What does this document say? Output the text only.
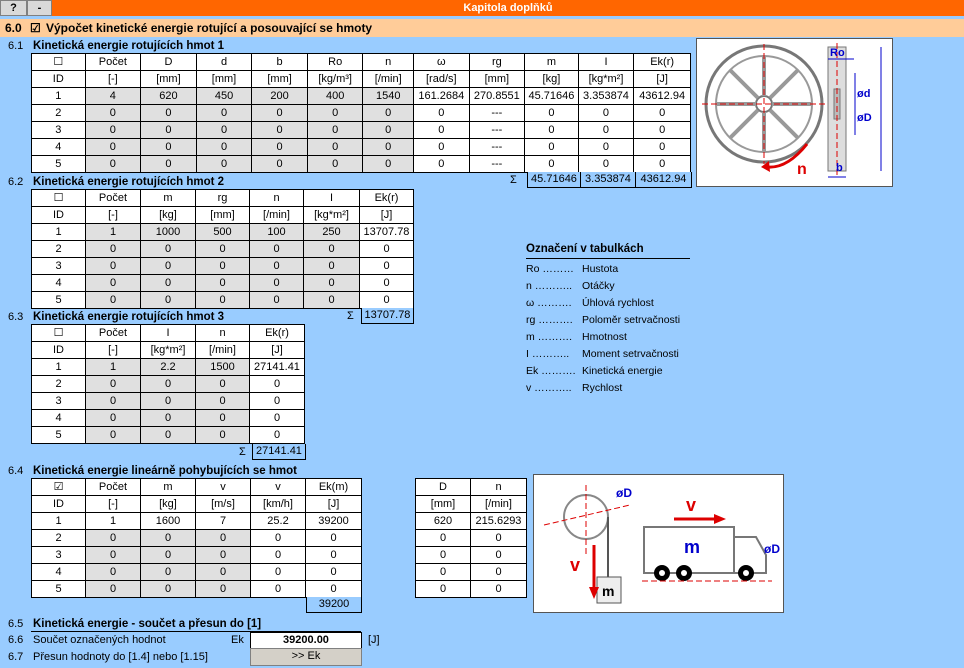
?	-	Kapitola doplňků
6.0 ☑ Výpočet kinetické energie rotující a posouvající se hmoty
6.1 Kinetická energie rotujících hmot 1
☐	Počet	D	d	b	Ro	n	ω	rg	m	I	Ek(r)
ID	[-]	[mm]	[mm]	[mm]	[kg/m³]	[/min]	[rad/s]	[mm]	[kg]	[kg*m²]	[J]
1	4	620	450	200	400	1540	161.2684	270.8551	45.71646	3.353874	43612.94
2	0	0	0	0	0	0	0	---	0	0	0
3	0	0	0	0	0	0	0	---	0	0	0
4	0	0	0	0	0	0	0	---	0	0	0
5	0	0	0	0	0	0	0	---	0	0	0
Σ	45.71646 3.353874 43612.94
n
Ro
ød
øD
b
6.2 Kinetická energie rotujících hmot 2
☐	Počet	m	rg	n	I	Ek(r)
ID	[-]	[kg]	[mm]	[/min]	[kg*m²]	[J]
1	1	1000	500	100	250	13707.78
2	0	0	0	0	0	0
3	0	0	0	0	0	0
4	0	0	0	0	0	0
5	0	0	0	0	0	0
Σ 13707.78
Označení v tabulkách
Ro ……… Hustota
n ……….. Otáčky
ω ………. Úhlová rychlost
rg ………. Poloměr setrvačnosti
m ………. Hmotnost
I ……….. Moment setrvačnosti
Ek ………. Kinetická energie
v ……….. Rychlost
6.3 Kinetická energie rotujících hmot 3
☐	Počet	I	n	Ek(r)
ID	[-]	[kg*m²]	[/min]	[J]
1	1	2.2	1500	27141.41
2	0	0	0	0
3	0	0	0	0
4	0	0	0	0
5	0	0	0	0
Σ 27141.41
6.4 Kinetická energie lineárně pohybujících se hmot
☑	Počet	m	v	v	Ek(m)
ID	[-]	[kg]	[m/s]	[km/h]	[J]
1	1	1600	7	25.2	39200
2	0	0	0	0	0
3	0	0	0	0	0
4	0	0	0	0	0
5	0	0	0	0	0
39200
D	n
[mm]	[/min]
620	215.6293
0	0
0	0
0	0
0	0
øD
m
v
v
m	øD
6.5 Kinetická energie - součet a přesun do [1]
6.6 Součet označených hodnot	Ek	39200.00	[J]
6.7 Přesun hodnoty do [1.4] nebo [1.15]	>> Ek
